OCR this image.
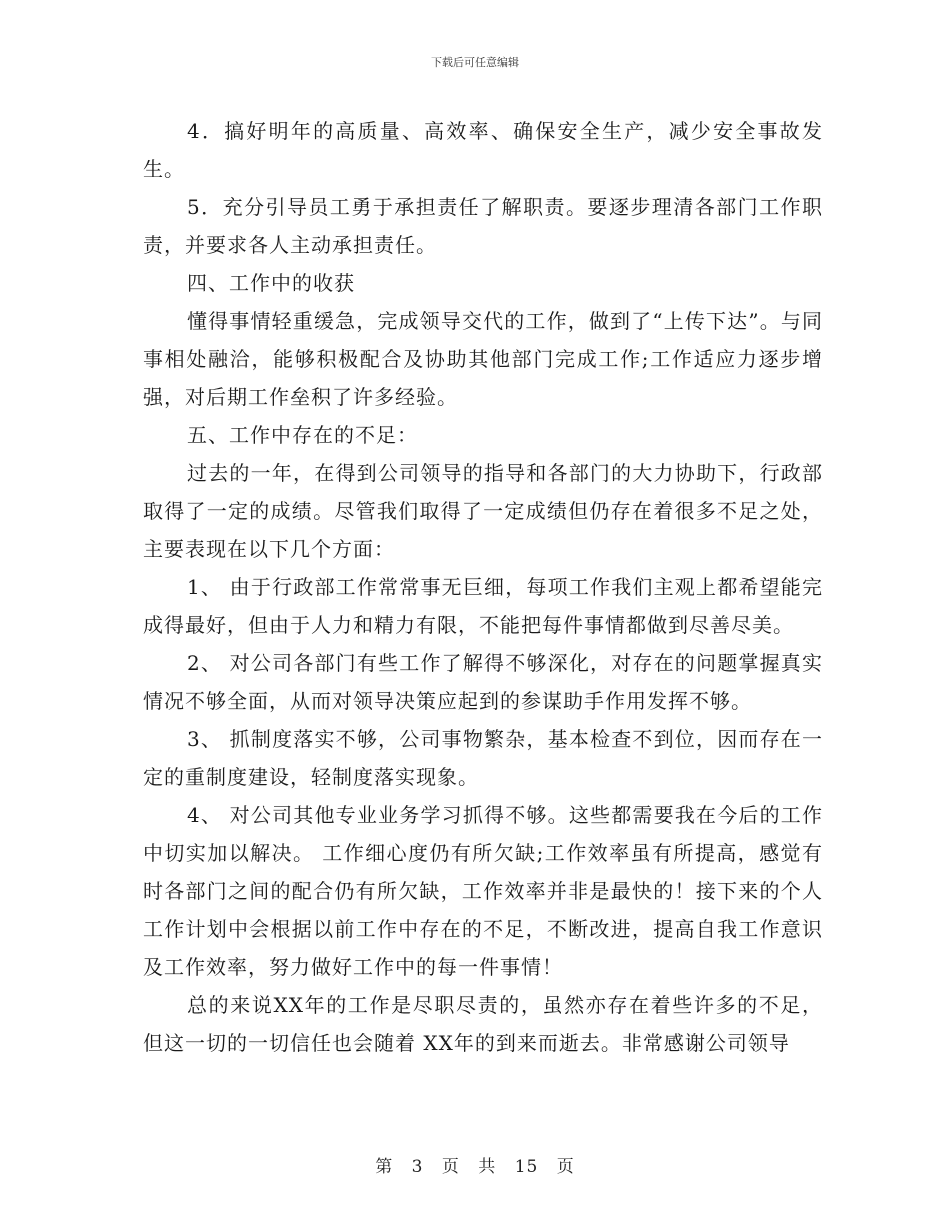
下载后可任意编辑

4．搞好明年的高质量、高效率、确保安全生产，减少安全事故发生。

5．充分引导员工勇于承担责任了解职责。要逐步理清各部门工作职责，并要求各人主动承担责任。

四、工作中的收获

懂得事情轻重缓急，完成领导交代的工作，做到了“上传下达”。与同事相处融洽，能够积极配合及协助其他部门完成工作;工作适应力逐步增强，对后期工作垒积了许多经验。

五、工作中存在的不足：

过去的一年，在得到公司领导的指导和各部门的大力协助下，行政部取得了一定的成绩。尽管我们取得了一定成绩但仍存在着很多不足之处，主要表现在以下几个方面：

1、 由于行政部工作常常事无巨细，每项工作我们主观上都希望能完成得最好，但由于人力和精力有限，不能把每件事情都做到尽善尽美。

2、 对公司各部门有些工作了解得不够深化，对存在的问题掌握真实情况不够全面，从而对领导决策应起到的参谋助手作用发挥不够。

3、 抓制度落实不够，公司事物繁杂，基本检查不到位，因而存在一定的重制度建设，轻制度落实现象。

4、 对公司其他专业业务学习抓得不够。这些都需要我在今后的工作中切实加以解决。 工作细心度仍有所欠缺;工作效率虽有所提高，感觉有时各部门之间的配合仍有所欠缺，工作效率并非是最快的！接下来的个人工作计划中会根据以前工作中存在的不足，不断改进，提高自我工作意识及工作效率，努力做好工作中的每一件事情！

总的来说XX年的工作是尽职尽责的，虽然亦存在着些许多的不足，但这一切的一切信任也会随着 XX年的到来而逝去。非常感谢公司领导

第 3 页 共 15 页
